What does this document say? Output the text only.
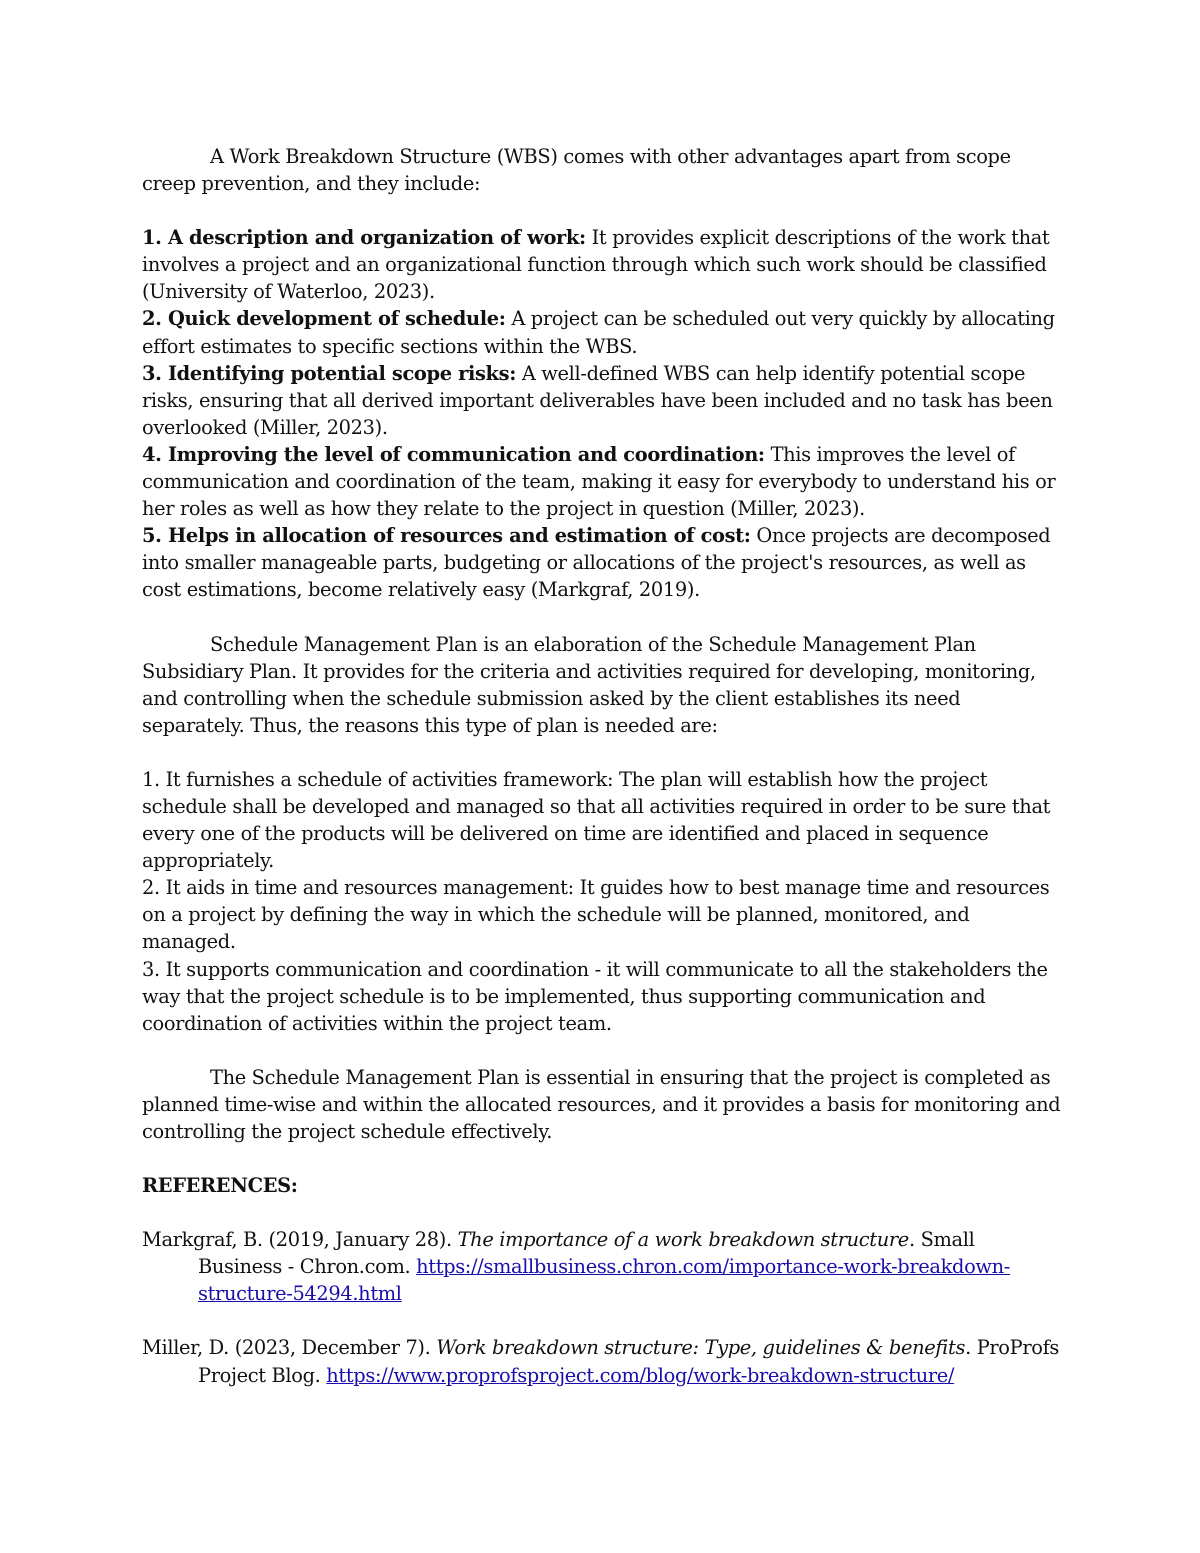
A Work Breakdown Structure (WBS) comes with other advantages apart from scope creep prevention, and they include:

1. A description and organization of work: It provides explicit descriptions of the work that involves a project and an organizational function through which such work should be classified (University of Waterloo, 2023).

2. Quick development of schedule: A project can be scheduled out very quickly by allocating effort estimates to specific sections within the WBS.

3. Identifying potential scope risks: A well-defined WBS can help identify potential scope risks, ensuring that all derived important deliverables have been included and no task has been overlooked (Miller, 2023).

4. Improving the level of communication and coordination: This improves the level of communication and coordination of the team, making it easy for everybody to understand his or her roles as well as how they relate to the project in question (Miller, 2023).

5. Helps in allocation of resources and estimation of cost: Once projects are decomposed into smaller manageable parts, budgeting or allocations of the project's resources, as well as cost estimations, become relatively easy (Markgraf, 2019).

Schedule Management Plan is an elaboration of the Schedule Management Plan Subsidiary Plan. It provides for the criteria and activities required for developing, monitoring, and controlling when the schedule submission asked by the client establishes its need separately. Thus, the reasons this type of plan is needed are:

1. It furnishes a schedule of activities framework: The plan will establish how the project schedule shall be developed and managed so that all activities required in order to be sure that every one of the products will be delivered on time are identified and placed in sequence appropriately.

2. It aids in time and resources management: It guides how to best manage time and resources on a project by defining the way in which the schedule will be planned, monitored, and managed.

3. It supports communication and coordination - it will communicate to all the stakeholders the way that the project schedule is to be implemented, thus supporting communication and coordination of activities within the project team.

The Schedule Management Plan is essential in ensuring that the project is completed as planned time-wise and within the allocated resources, and it provides a basis for monitoring and controlling the project schedule effectively.

REFERENCES:

Markgraf, B. (2019, January 28). The importance of a work breakdown structure. Small Business - Chron.com. https://smallbusiness.chron.com/importance-work-breakdown-structure-54294.html

Miller, D. (2023, December 7). Work breakdown structure: Type, guidelines & benefits. ProProfs Project Blog. https://www.proprofsproject.com/blog/work-breakdown-structure/
